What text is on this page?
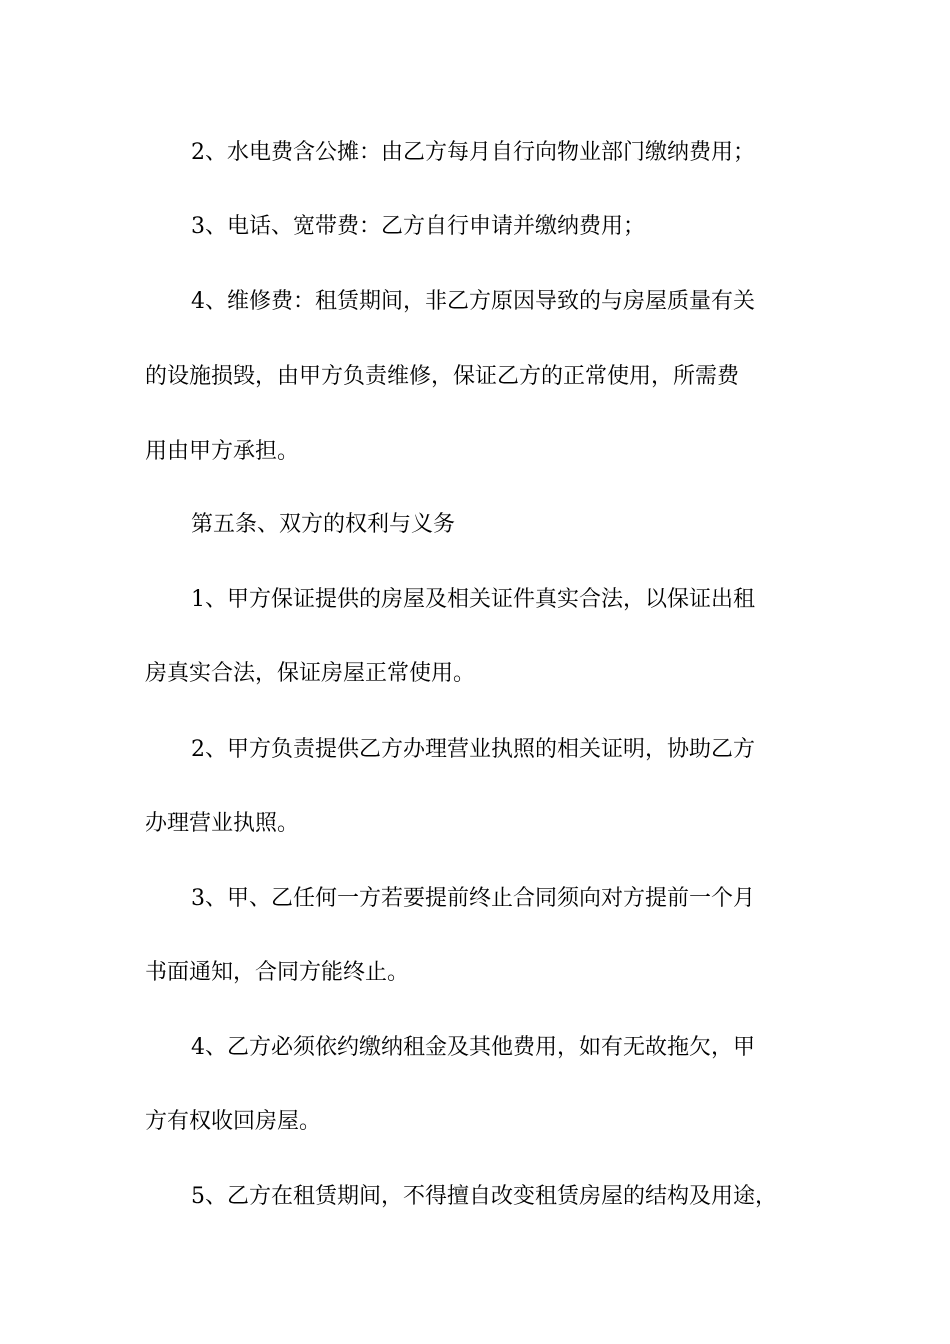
2、水电费含公摊：由乙方每月自行向物业部门缴纳费用；
3、电话、宽带费：乙方自行申请并缴纳费用；
4、维修费：租赁期间，非乙方原因导致的与房屋质量有关
的设施损毁，由甲方负责维修，保证乙方的正常使用，所需费
用由甲方承担。
第五条、双方的权利与义务
1、甲方保证提供的房屋及相关证件真实合法，以保证出租
房真实合法，保证房屋正常使用。
2、甲方负责提供乙方办理营业执照的相关证明，协助乙方
办理营业执照。
3、甲、乙任何一方若要提前终止合同须向对方提前一个月
书面通知，合同方能终止。
4、乙方必须依约缴纳租金及其他费用，如有无故拖欠，甲
方有权收回房屋。
5、乙方在租赁期间，不得擅自改变租赁房屋的结构及用途，
